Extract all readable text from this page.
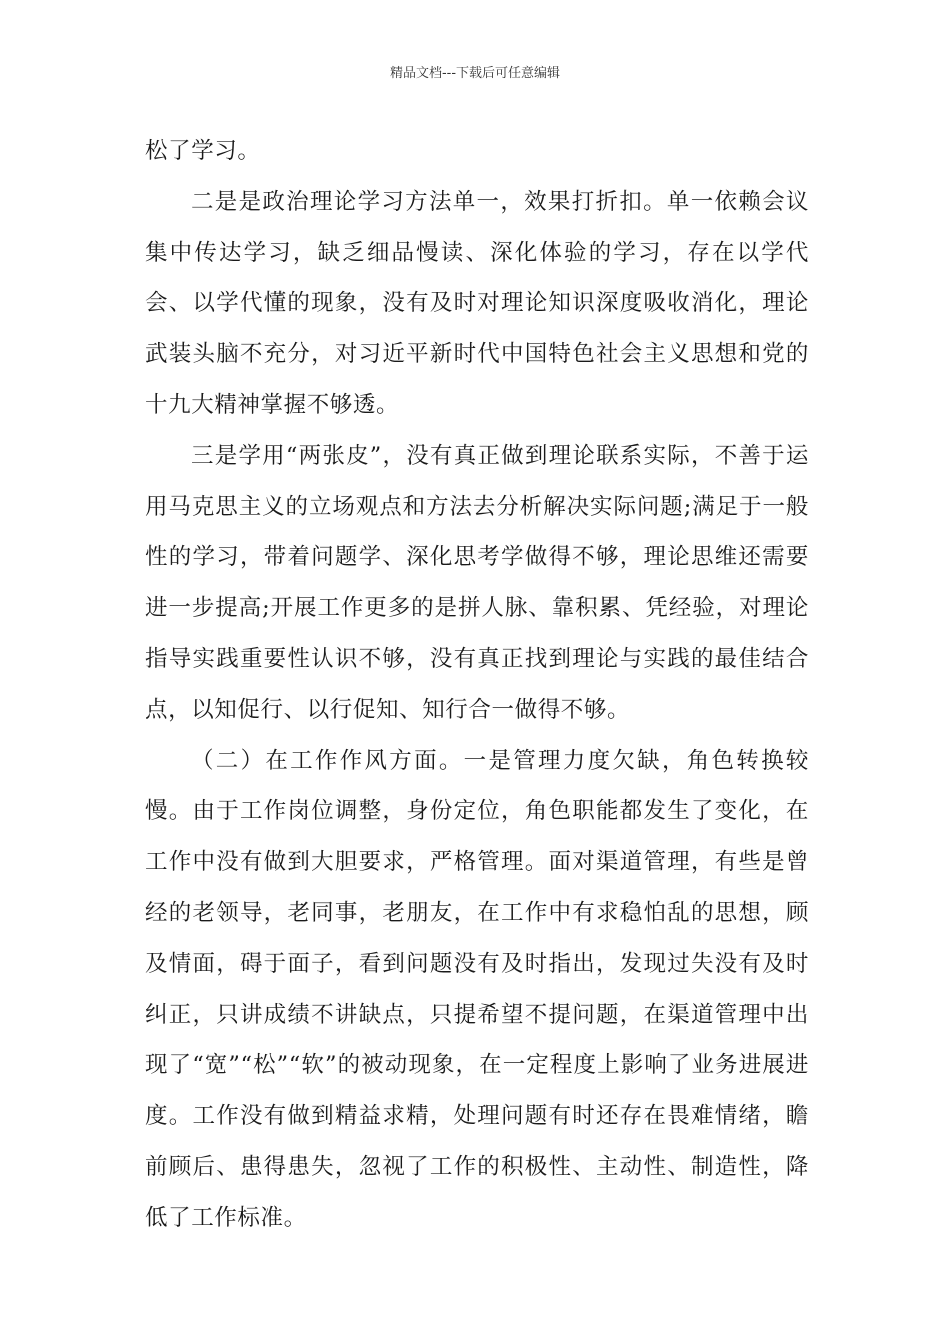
精品文档---下载后可任意编辑

松了学习。

二是是政治理论学习方法单一，效果打折扣。单一依赖会议集中传达学习，缺乏细品慢读、深化体验的学习，存在以学代会、以学代懂的现象，没有及时对理论知识深度吸收消化，理论武装头脑不充分，对习近平新时代中国特色社会主义思想和党的十九大精神掌握不够透。

三是学用“两张皮”，没有真正做到理论联系实际，不善于运用马克思主义的立场观点和方法去分析解决实际问题;满足于一般性的学习，带着问题学、深化思考学做得不够，理论思维还需要进一步提高;开展工作更多的是拼人脉、靠积累、凭经验，对理论指导实践重要性认识不够，没有真正找到理论与实践的最佳结合点，以知促行、以行促知、知行合一做得不够。

（二）在工作作风方面。一是管理力度欠缺，角色转换较慢。由于工作岗位调整，身份定位，角色职能都发生了变化，在工作中没有做到大胆要求，严格管理。面对渠道管理，有些是曾经的老领导，老同事，老朋友，在工作中有求稳怕乱的思想，顾及情面，碍于面子，看到问题没有及时指出，发现过失没有及时纠正，只讲成绩不讲缺点，只提希望不提问题，在渠道管理中出现了“宽”“松”“软”的被动现象，在一定程度上影响了业务进展进度。工作没有做到精益求精，处理问题有时还存在畏难情绪，瞻前顾后、患得患失，忽视了工作的积极性、主动性、制造性，降低了工作标准。
